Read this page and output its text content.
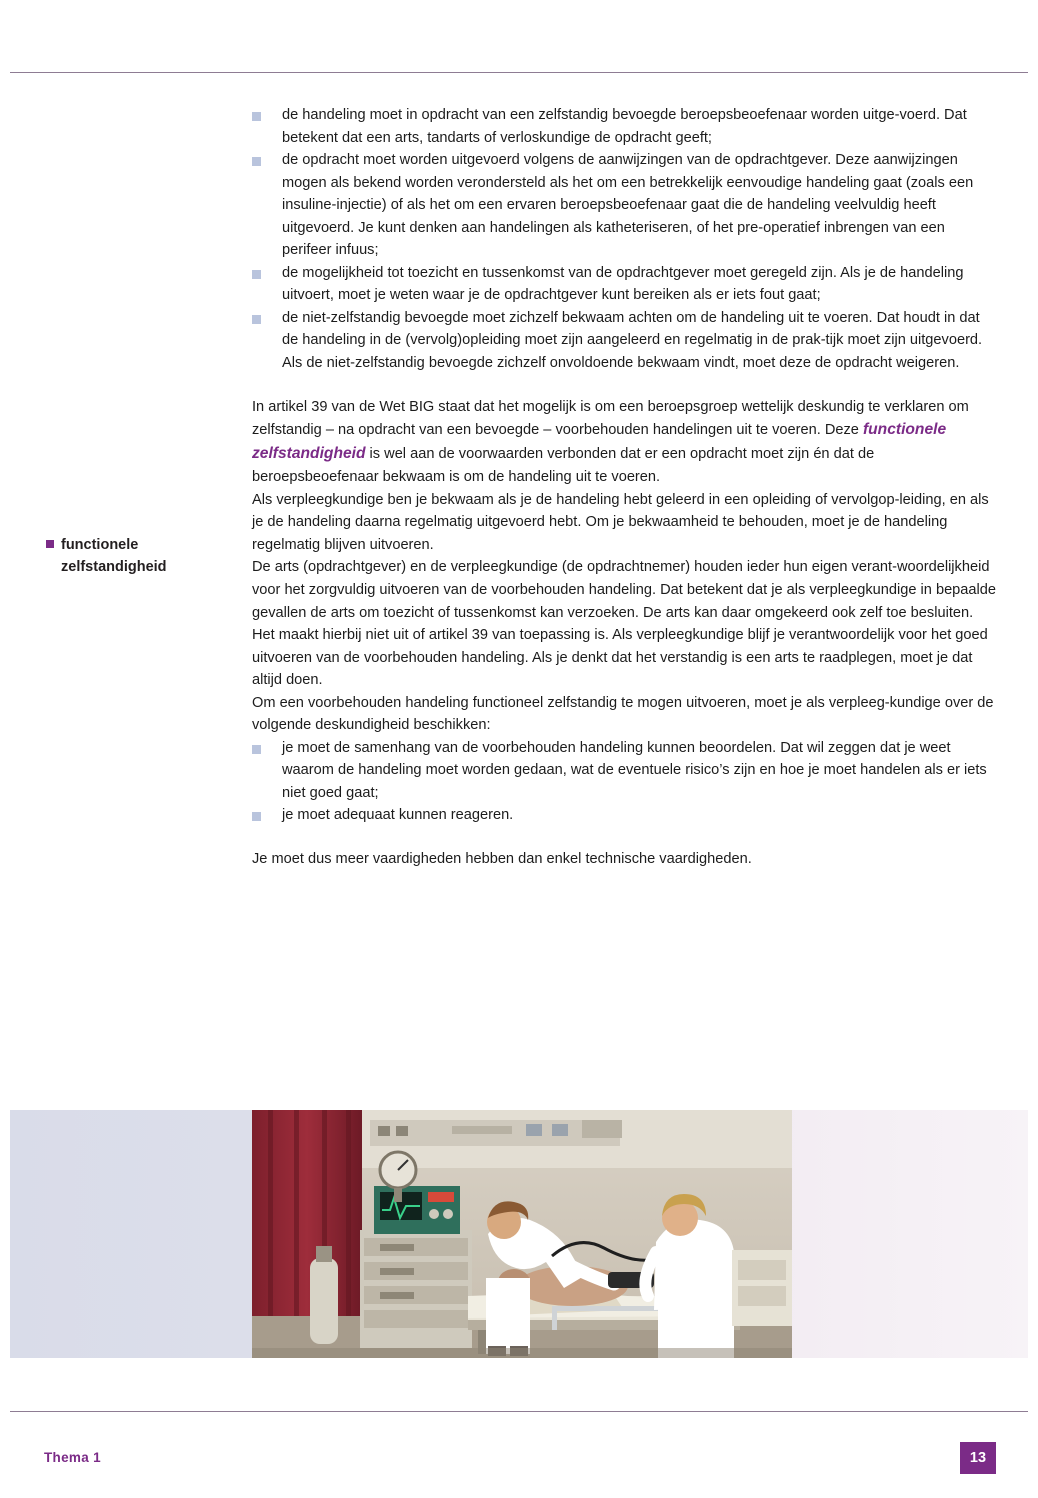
functionele
zelfstandigheid
de handeling moet in opdracht van een zelfstandig bevoegde beroepsbeoefenaar worden uitge-voerd. Dat betekent dat een arts, tandarts of verloskundige de opdracht geeft;
de opdracht moet worden uitgevoerd volgens de aanwijzingen van de opdrachtgever. Deze aanwijzingen mogen als bekend worden verondersteld als het om een betrekkelijk eenvoudige handeling gaat (zoals een insuline-injectie) of als het om een ervaren beroepsbeoefenaar gaat die de handeling veelvuldig heeft uitgevoerd. Je kunt denken aan handelingen als katheteriseren, of het pre-operatief inbrengen van een perifeer infuus;
de mogelijkheid tot toezicht en tussenkomst van de opdrachtgever moet geregeld zijn. Als je de handeling uitvoert, moet je weten waar je de opdrachtgever kunt bereiken als er iets fout gaat;
de niet-zelfstandig bevoegde moet zichzelf bekwaam achten om de handeling uit te voeren. Dat houdt in dat de handeling in de (vervolg)opleiding moet zijn aangeleerd en regelmatig in de prak-tijk moet zijn uitgevoerd. Als de niet-zelfstandig bevoegde zichzelf onvoldoende bekwaam vindt, moet deze de opdracht weigeren.

In artikel 39 van de Wet BIG staat dat het mogelijk is om een beroepsgroep wettelijk deskundig te verklaren om zelfstandig – na opdracht van een bevoegde – voorbehouden handelingen uit te voeren. Deze functionele zelfstandigheid is wel aan de voorwaarden verbonden dat er een opdracht moet zijn én dat de beroepsbeoefenaar bekwaam is om de handeling uit te voeren.

Als verpleegkundige ben je bekwaam als je de handeling hebt geleerd in een opleiding of vervolgop-leiding, en als je de handeling daarna regelmatig uitgevoerd hebt. Om je bekwaamheid te behouden, moet je de handeling regelmatig blijven uitvoeren.

De arts (opdrachtgever) en de verpleegkundige (de opdrachtnemer) houden ieder hun eigen verant-woordelijkheid voor het zorgvuldig uitvoeren van de voorbehouden handeling. Dat betekent dat je als verpleegkundige in bepaalde gevallen de arts om toezicht of tussenkomst kan verzoeken. De arts kan daar omgekeerd ook zelf toe besluiten. Het maakt hierbij niet uit of artikel 39 van toepassing is. Als verpleegkundige blijf je verantwoordelijk voor het goed uitvoeren van de voorbehouden handeling. Als je denkt dat het verstandig is een arts te raadplegen, moet je dat altijd doen.

Om een voorbehouden handeling functioneel zelfstandig te mogen uitvoeren, moet je als verpleeg-kundige over de volgende deskundigheid beschikken:

je moet de samenhang van de voorbehouden handeling kunnen beoordelen. Dat wil zeggen dat je weet waarom de handeling moet worden gedaan, wat de eventuele risico’s zijn en hoe je moet handelen als er iets niet goed gaat;
je moet adequaat kunnen reageren.

Je moet dus meer vaardigheden hebben dan enkel technische vaardigheden.

Thema 1	13
